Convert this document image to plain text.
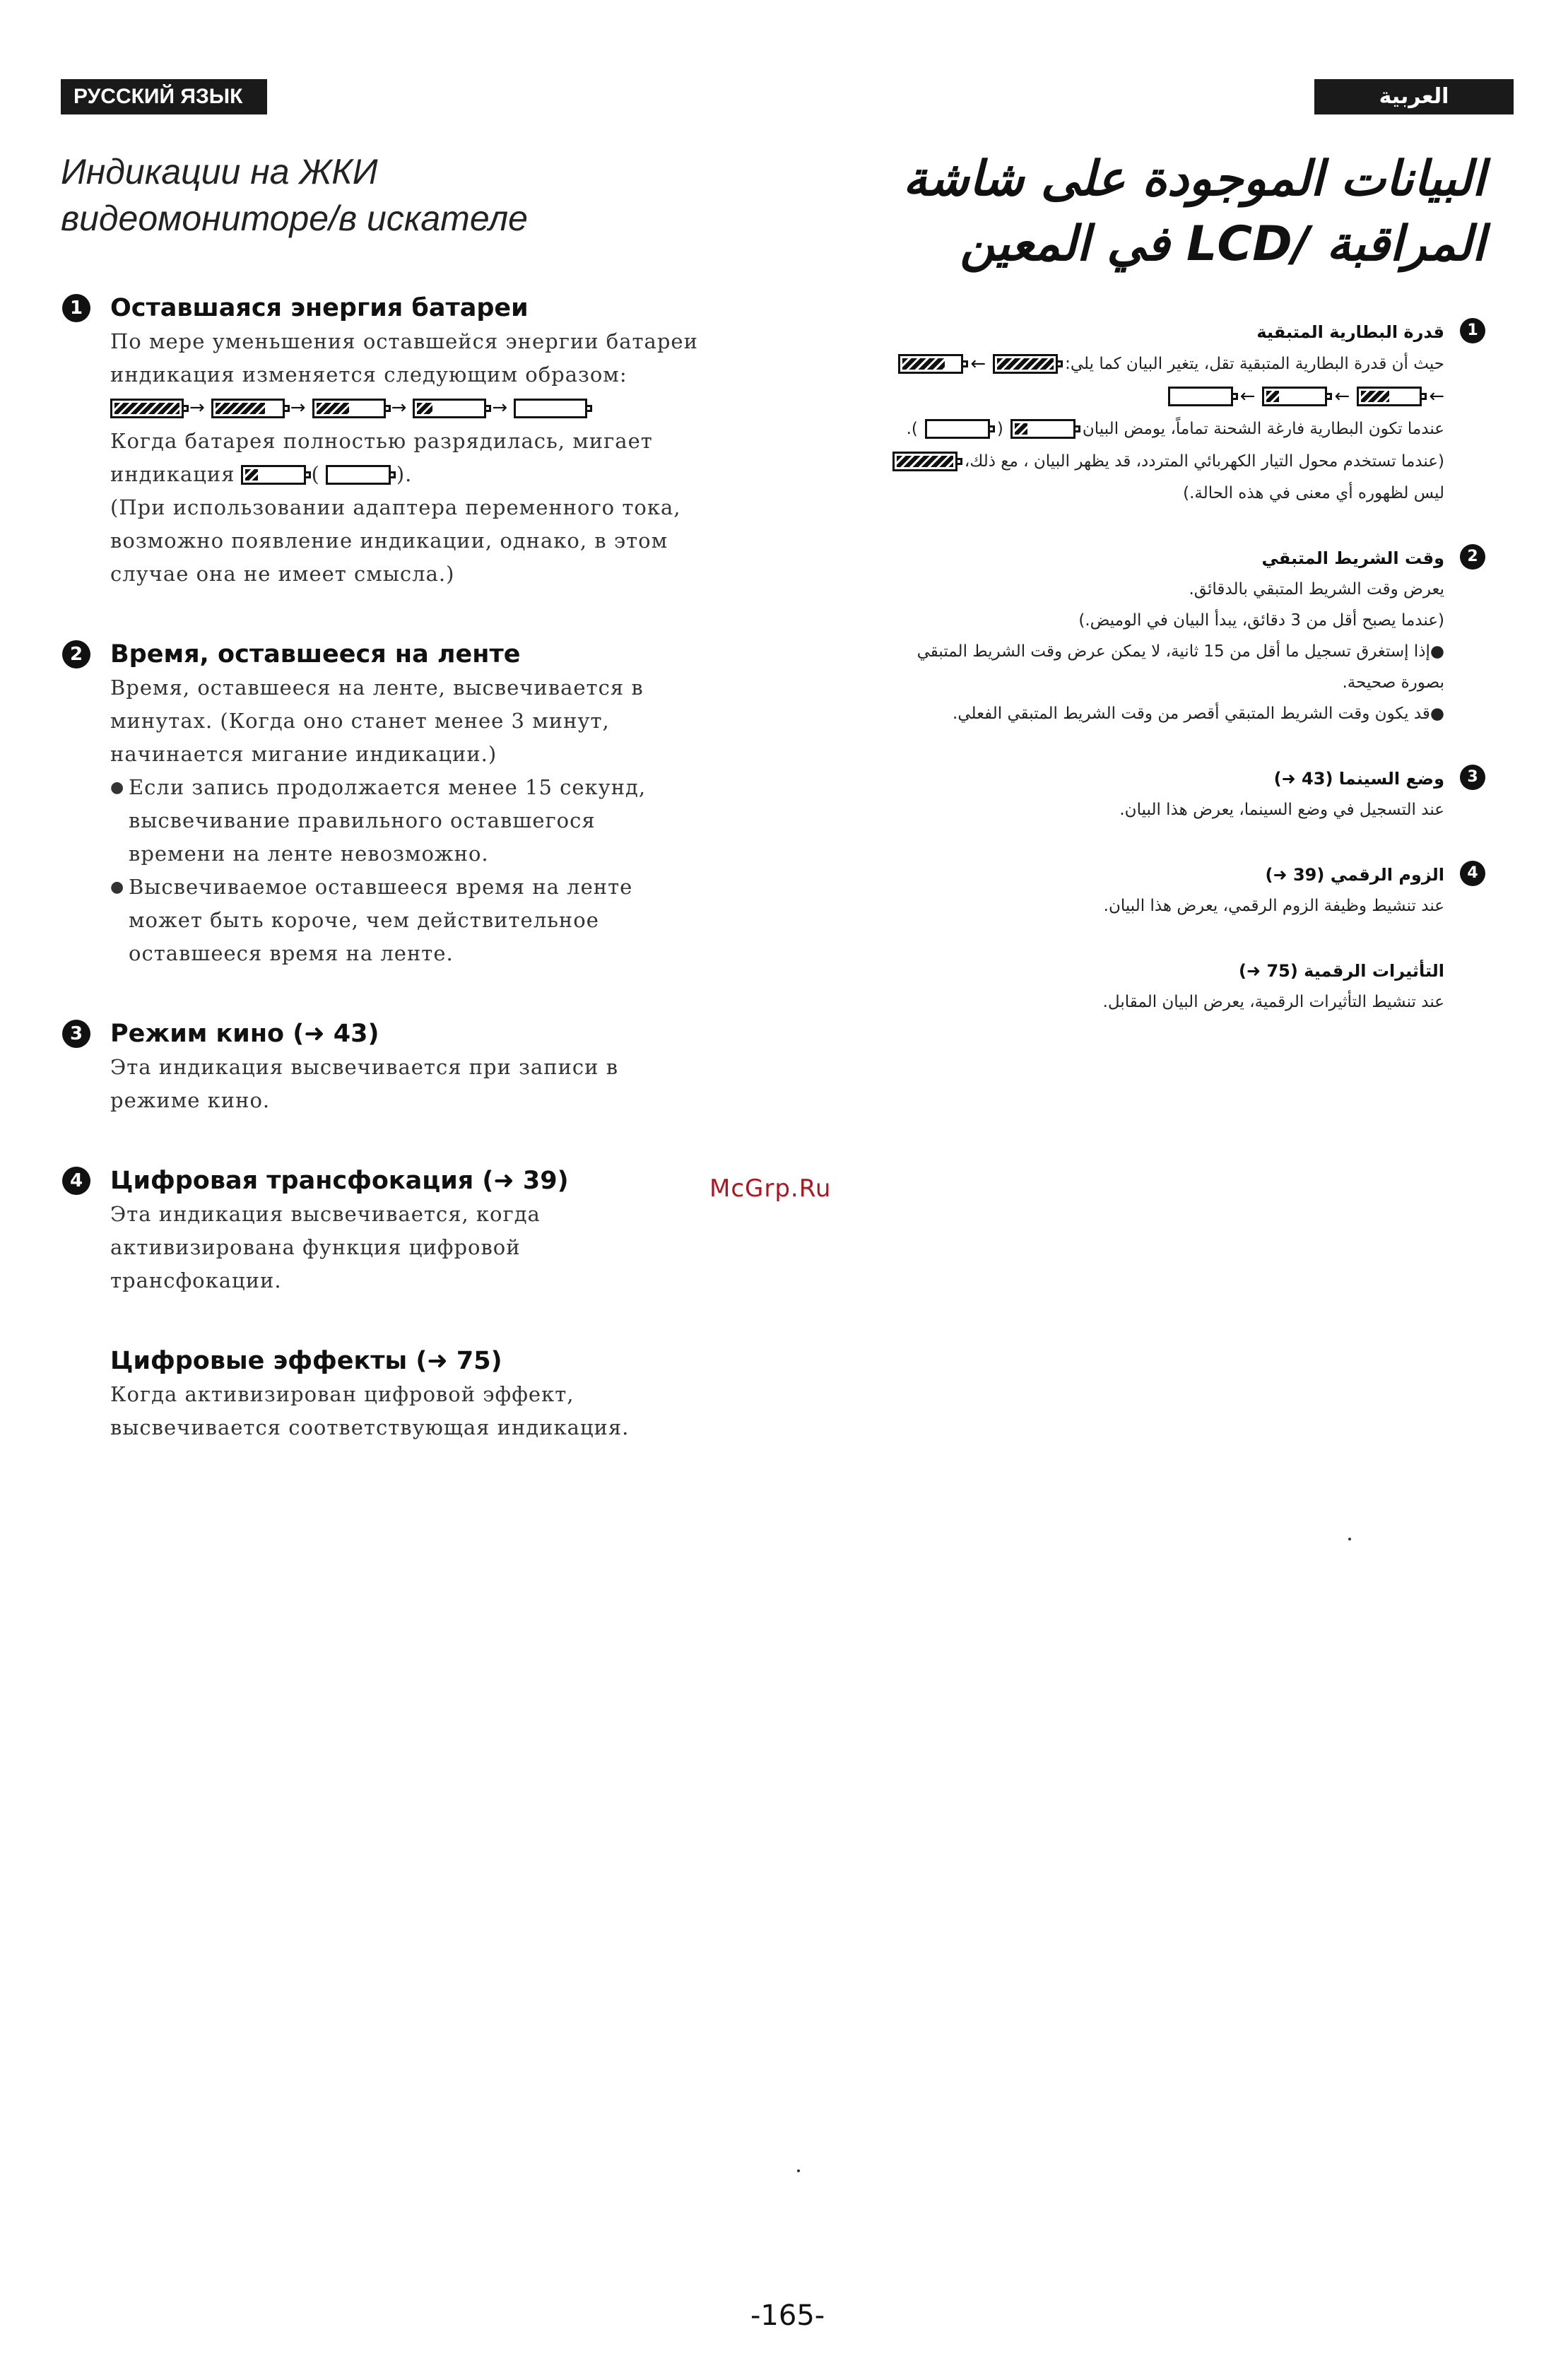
РУССКИЙ ЯЗЫК	العربية
Индикации на ЖКИ
видеомониторе/в искателе
1	Оставшаяся энергия батареи
По мере уменьшения оставшейся энергии батареи
индикация изменяется следующим образом:
→	→	→	→
Когда батарея полностью разрядилась, мигает
индикация	(	).
(При использовании адаптера переменного тока,
возможно появление индикации, однако, в этом
случае она не имеет смысла.)
2	Время, оставшееся на ленте
Время, оставшееся на ленте, высвечивается в
минутах. (Когда оно станет менее 3 минут,
начинается мигание индикации.)
● Если запись продолжается менее 15 секунд,
высвечивание правильного оставшегося
времени на ленте невозможно.
● Высвечиваемое оставшееся время на ленте
может быть короче, чем действительное
оставшееся время на ленте.
3	Режим кино (➜ 43)
Эта индикация высвечивается при записи в
режиме кино.
4	Цифровая трансфокация (➜ 39)
Эта индикация высвечивается, когда
активизирована функция цифровой
трансфокации.
Цифровые эффекты (➜ 75)
Когда активизирован цифровой эффект,
высвечивается соответствующая индикация.
البيانات الموجودة على شاشة
المراقبة /LCD في المعين
1
قدرة البطارية المتبقية
حيث أن قدرة البطارية المتبقية تقل، يتغير البيان كما يلي:
←
←
←
←
عندما تكون البطارية فارغة الشحنة تماماً، يومض البيان
(
).
(عندما تستخدم محول التيار الكهربائي المتردد، قد يظهر البيان ، مع ذلك،
ليس لظهوره أي معنى في هذه الحالة.)
2
وقت الشريط المتبقي
يعرض وقت الشريط المتبقي بالدقائق.
(عندما يصبح أقل من 3 دقائق، يبدأ البيان في الوميض.)
●إذا إستغرق تسجيل ما أقل من 15 ثانية، لا يمكن عرض وقت الشريط المتبقي
بصورة صحيحة.
●قد يكون وقت الشريط المتبقي أقصر من وقت الشريط المتبقي الفعلي.
3
وضع السينما (43 ➜)
عند التسجيل في وضع السينما، يعرض هذا البيان.
4
الزوم الرقمي (39 ➜)
عند تنشيط وظيفة الزوم الرقمي، يعرض هذا البيان.
التأثيرات الرقمية (75 ➜)
عند تنشيط التأثيرات الرقمية، يعرض البيان المقابل.
McGrp.Ru
-165-
